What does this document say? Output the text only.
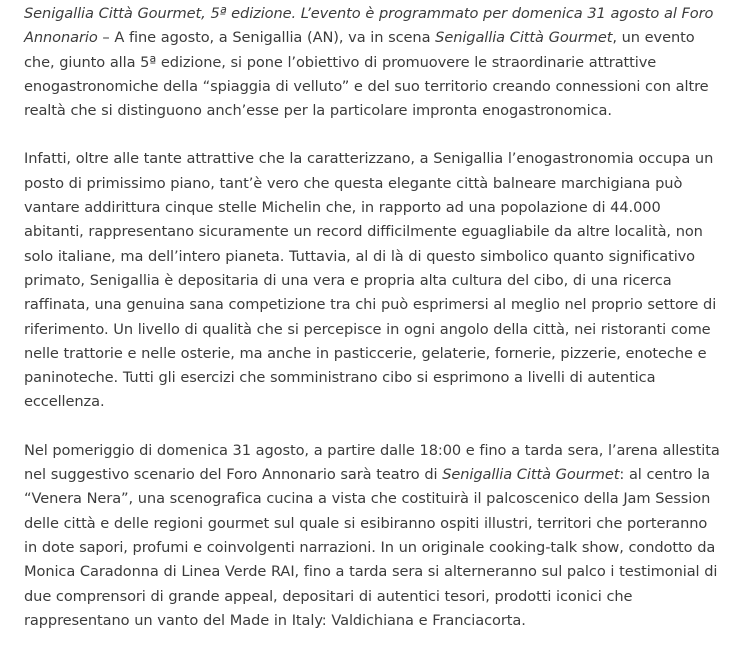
Senigallia Città Gourmet, 5ª edizione. L’evento è programmato per domenica 31 agosto al Foro Annonario – A fine agosto, a Senigallia (AN), va in scena Senigallia Città Gourmet, un evento che, giunto alla 5ª edizione, si pone l’obiettivo di promuovere le straordinarie attrattive enogastronomiche della “spiaggia di velluto” e del suo territorio creando connessioni con altre realtà che si distinguono anch’esse per la particolare impronta enogastronomica.

Infatti, oltre alle tante attrattive che la caratterizzano, a Senigallia l’enogastronomia occupa un posto di primissimo piano, tant’è vero che questa elegante città balneare marchigiana può vantare addirittura cinque stelle Michelin che, in rapporto ad una popolazione di 44.000 abitanti, rappresentano sicuramente un record difficilmente eguagliabile da altre località, non solo italiane, ma dell’intero pianeta. Tuttavia, al di là di questo simbolico quanto significativo primato, Senigallia è depositaria di una vera e propria alta cultura del cibo, di una ricerca raffinata, una genuina sana competizione tra chi può esprimersi al meglio nel proprio settore di riferimento. Un livello di qualità che si percepisce in ogni angolo della città, nei ristoranti come nelle trattorie e nelle osterie, ma anche in pasticcerie, gelaterie, fornerie, pizzerie, enoteche e paninoteche. Tutti gli esercizi che somministrano cibo si esprimono a livelli di autentica eccellenza.

Nel pomeriggio di domenica 31 agosto, a partire dalle 18:00 e fino a tarda sera, l’arena allestita nel suggestivo scenario del Foro Annonario sarà teatro di Senigallia Città Gourmet: al centro la “Venera Nera”, una scenografica cucina a vista che costituirà il palcoscenico della Jam Session delle città e delle regioni gourmet sul quale si esibiranno ospiti illustri, territori che porteranno in dote sapori, profumi e coinvolgenti narrazioni. In un originale cooking-talk show, condotto da Monica Caradonna di Linea Verde RAI, fino a tarda sera si alterneranno sul palco i testimonial di due comprensori di grande appeal, depositari di autentici tesori, prodotti iconici che rappresentano un vanto del Made in Italy: Valdichiana e Franciacorta.
